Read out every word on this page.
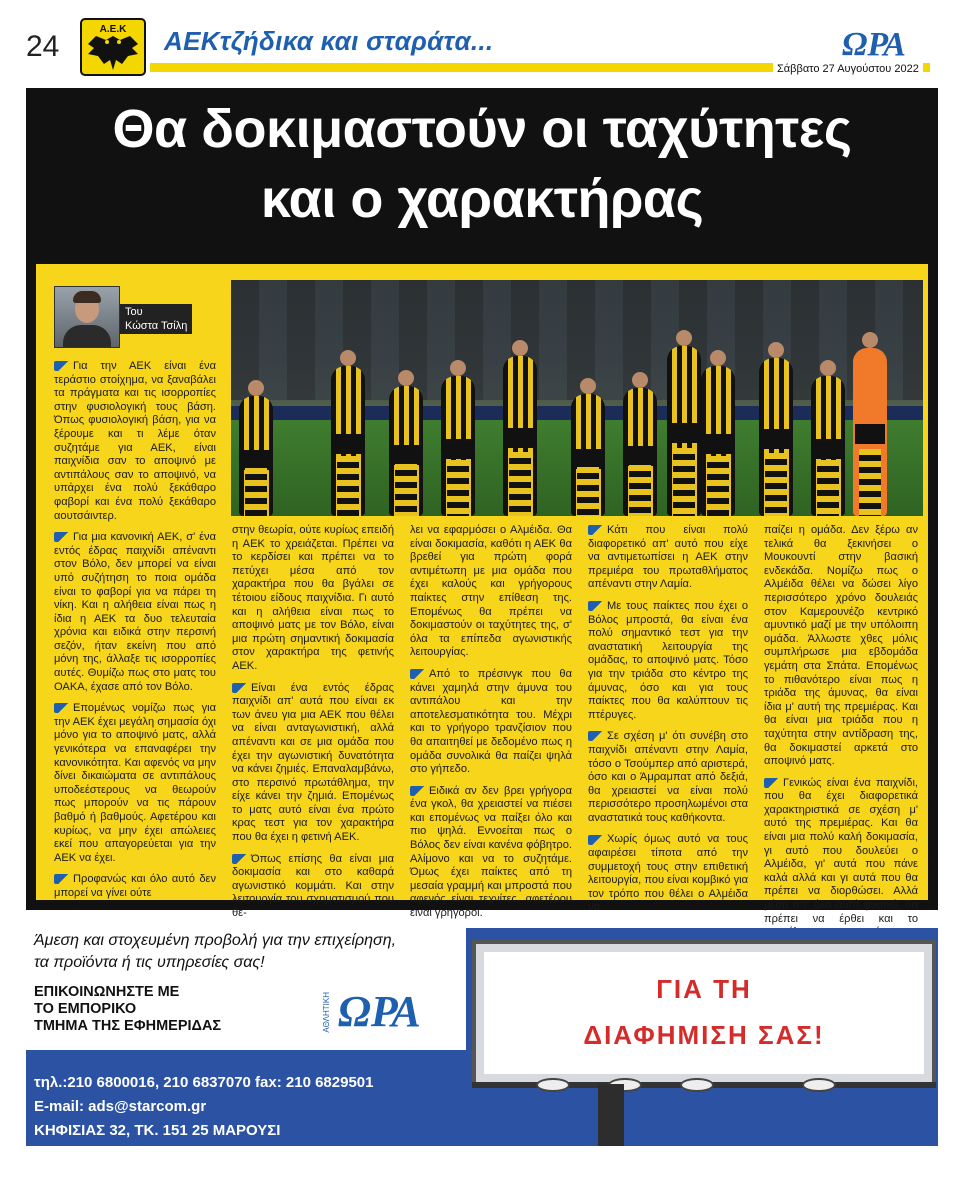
24
Α.Ε.Κ ΑΕΚτζήδικα και σταράτα...	ΩΡΑ
Σάββατο 27 Αυγούστου 2022
Θα δοκιμαστούν οι ταχύτητες
και ο χαρακτήρας
Του
Κώστα Τσίλη

Για την ΑΕΚ είναι ένα τεράστιο στοίχημα, να ξαναβάλει τα πράγματα και τις ισορροπίες στην φυσιολογική τους βάση. Όπως φυσιολογική βάση, για να ξέρουμε και τι λέμε όταν συζητάμε για ΑΕΚ, είναι παιχνίδια σαν το αποψινό με αντιπάλους σαν το αποψινό, να υπάρχει ένα πολύ ξεκάθαρο φαβορί και ένα πολύ ξεκάθαρο αουτσάιντερ.

Για μια κανονική ΑΕΚ, σ' ένα εντός έδρας παιχνίδι απέναντι στον Βόλο, δεν μπορεί να είναι υπό συζήτηση το ποια ομάδα είναι το φαβορί για να πάρει τη νίκη. Και η αλήθεια είναι πως η ίδια η ΑΕΚ τα δυο τελευταία χρόνια και ειδικά στην περσινή σεζόν, ήταν εκείνη που από μόνη της, άλλαξε τις ισορροπίες αυτές. Θυμίζω πως στο ματς του ΟΑΚΑ, έχασε από τον Βόλο.

Επομένως νομίζω πως για την ΑΕΚ έχει μεγάλη σημασία όχι μόνο για το αποψινό ματς, αλλά γενικότερα να επαναφέρει την κανονικότητα. Και αφενός να μην δίνει δικαιώματα σε αντιπάλους υποδεέστερους να θεωρούν πως μπορούν να τις πάρουν βαθμό ή βαθμούς. Αφετέρου και κυρίως, να μην έχει απώλειες εκεί που απαγορεύεται για την ΑΕΚ να έχει.

Προφανώς και όλο αυτό δεν μπορεί να γίνει ούτε

στην θεωρία, ούτε κυρίως επειδή η ΑΕΚ το χρειάζεται. Πρέπει να το κερδίσει και πρέπει να το πετύχει μέσα από τον χαρακτήρα που θα βγάλει σε τέτοιου είδους παιχνίδια. Γι αυτό και η αλήθεια είναι πως το αποψινό ματς με τον Βόλο, είναι μια πρώτη σημαντική δοκιμασία στον χαρακτήρα της φετινής ΑΕΚ.

Είναι ένα εντός έδρας παιχνίδι απ' αυτά που είναι εκ των άνευ για μια ΑΕΚ που θέλει να είναι ανταγωνιστική, αλλά απέναντι και σε μια ομάδα που έχει την αγωνιστική δυνατότητα να κάνει ζημιές. Επαναλαμβάνω, στο περσινό πρωτάθλημα, την είχε κάνει την ζημιά. Επομένως το ματς αυτό είναι ένα πρώτο κρας τεστ για τον χαρακτήρα που θα έχει η φετινή ΑΕΚ.

Όπως επίσης θα είναι μια δοκιμασία και στο καθαρά αγωνιστικό κομμάτι. Και στην λειτουργία του σχηματισμού που θέ-

λει να εφαρμόσει ο Αλμέιδα. Θα είναι δοκιμασία, καθότι η ΑΕΚ θα βρεθεί για πρώτη φορά αντιμέτωπη με μια ομάδα που έχει καλούς και γρήγορους παίκτες στην επίθεση της. Επομένως θα πρέπει να δοκιμαστούν οι ταχύτητες της, σ' όλα τα επίπεδα αγωνιστικής λειτουργίας.

Από το πρέσινγκ που θα κάνει χαμηλά στην άμυνα του αντιπάλου και την αποτελεσματικότητα του. Μέχρι και το γρήγορο τρανζίσιον που θα απαιτηθεί με δεδομένο πως η ομάδα συνολικά θα παίζει ψηλά στο γήπεδο.

Ειδικά αν δεν βρει γρήγορα ένα γκολ, θα χρειαστεί να πιέσει και επομένως να παίξει όλο και πιο ψηλά. Εννοείται πως ο Βόλος δεν είναι κανένα φόβητρο. Αλίμονο και να το συζητάμε. Όμως έχει παίκτες από τη μεσαία γραμμή και μπροστά που αφενός είναι τεχνίτες, αφετέρου είναι γρήγοροι.

Κάτι που είναι πολύ διαφορετικό απ' αυτό που είχε να αντιμετωπίσει η ΑΕΚ στην πρεμιέρα του πρωταθλήματος απέναντι στην Λαμία.

Με τους παίκτες που έχει ο Βόλος μπροστά, θα είναι ένα πολύ σημαντικό τεστ για την αναστατική λειτουργία της ομάδας, το αποψινό ματς. Τόσο για την τριάδα στο κέντρο της άμυνας, όσο και για τους παίκτες που θα καλύπτουν τις πτέρυγες.

Σε σχέση μ' ότι συνέβη στο παιχνίδι απέναντι στην Λαμία, τόσο ο Τσούμπερ από αριστερά, όσο και ο Άμραμπατ από δεξιά, θα χρειαστεί να είναι πολύ περισσότερο προσηλωμένοι στα αναστατικά τους καθήκοντα.

Χωρίς όμως αυτό να τους αφαιρέσει τίποτα από την συμμετοχή τους στην επιθετική λειτουργία, που είναι κομβικό για τον τρόπο που θέλει ο Αλμέιδα να

παίζει η ομάδα. Δεν ξέρω αν τελικά θα ξεκινήσει ο Μουκουντί στην βασική ενδεκάδα. Νομίζω πως ο Αλμέιδα θέλει να δώσει λίγο περισσότερο χρόνο δουλειάς στον Καμερουνέζο κεντρικό αμυντικό μαζί με την υπόλοιπη ομάδα. Άλλωστε χθες μόλις συμπλήρωσε μια εβδομάδα γεμάτη στα Σπάτα. Επομένως το πιθανότερο είναι πως η τριάδα της άμυνας, θα είναι ίδια μ' αυτή της πρεμιέρας. Και θα είναι μια τριάδα που η ταχύτητα στην αντίδραση της, θα δοκιμαστεί αρκετά στο αποψινό ματς.

Γενικώς είναι ένα παιχνίδι, που θα έχει διαφορετικά χαρακτηριστικά σε σχέση μ' αυτό της πρεμιέρας. Και θα είναι μια πολύ καλή δοκιμασία, γι αυτό που δουλεύει ο Αλμέιδα, γι' αυτά που πάνε καλά αλλά και γι αυτά που θα πρέπει να διορθώσει. Αλλά μέσα απ' όλο αυτό φυσικά, θα πρέπει να έρθει και το

Άμεση και στοχευμένη προβολή για την επιχείρηση,
τα προϊόντα ή τις υπηρεσίες σας!
ΕΠΙΚΟΙΝΩΝΗΣΤΕ ΜΕ
ΤΟ ΕΜΠΟΡΙΚΟ
ΤΜΗΜΑ ΤΗΣ ΕΦΗΜΕΡΙΔΑΣ	ΑΘΛΗΤΙΚΗ ΩΡΑ
τηλ.:210 6800016, 210 6837070 fax: 210 6829501
E-mail: ads@starcom.gr
ΚΗΦΙΣΙΑΣ 32, ΤΚ. 151 25 ΜΑΡΟΥΣΙ
ΓΙΑ ΤΗ
ΔΙΑΦΗΜΙΣΗ ΣΑΣ!
